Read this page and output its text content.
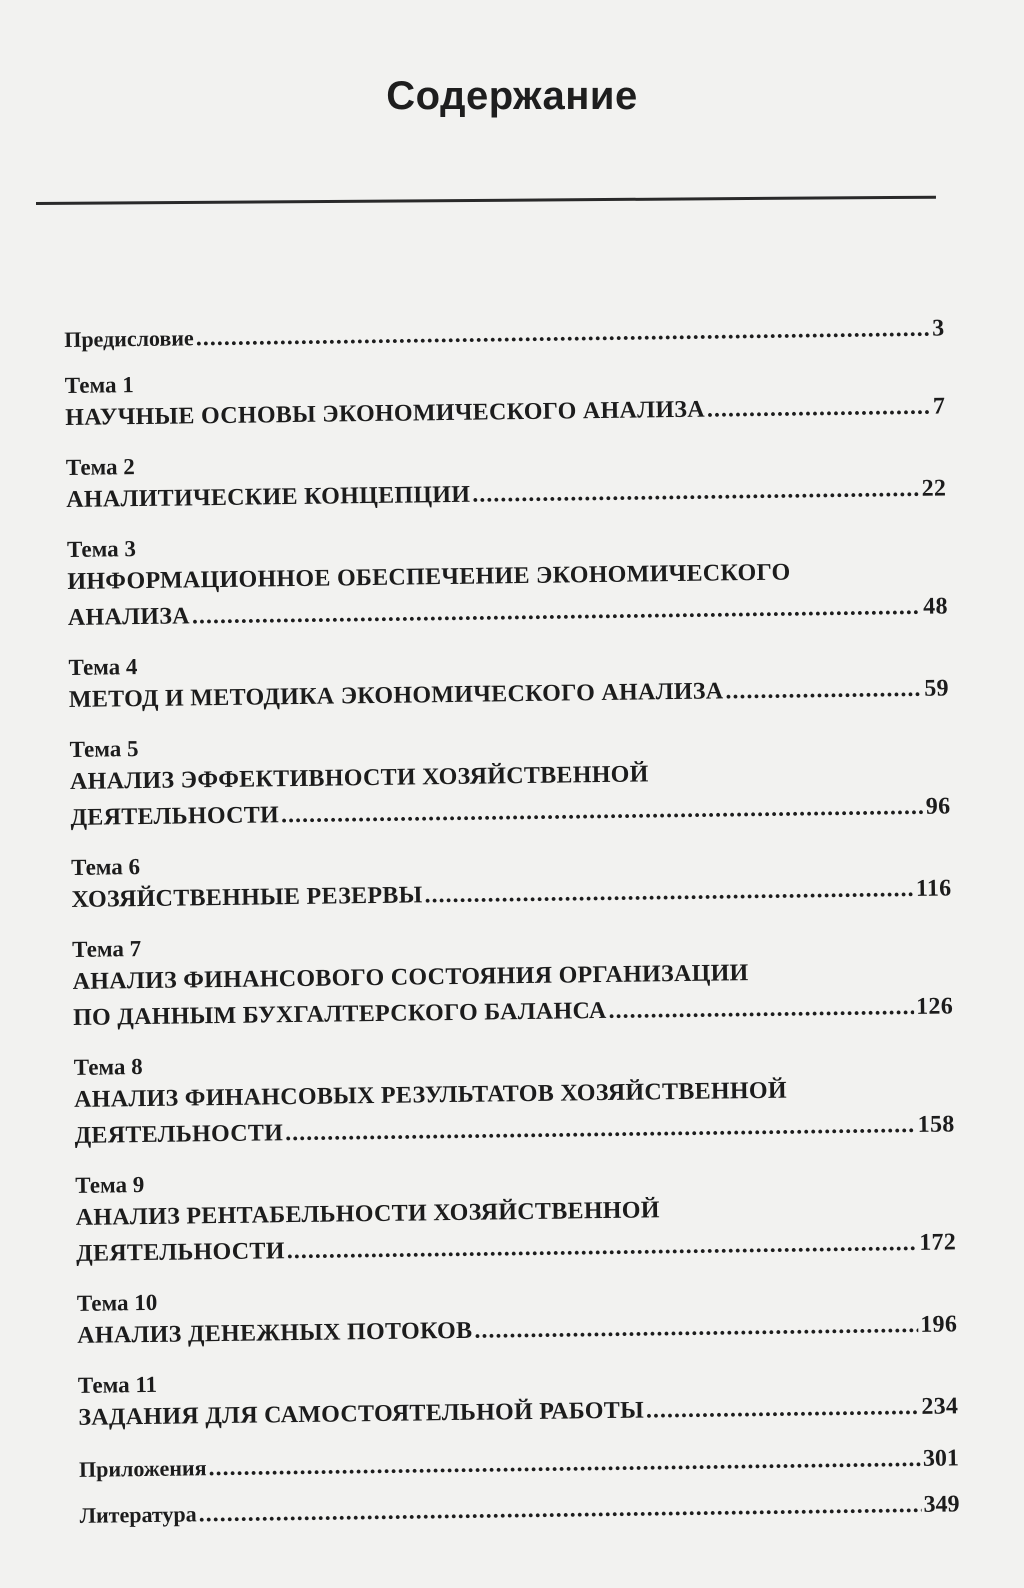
Содержание
Предисловие .....	3
Тема 1
НАУЧНЫЕ ОСНОВЫ ЭКОНОМИЧЕСКОГО АНАЛИЗА .....	7
Тема 2
АНАЛИТИЧЕСКИЕ КОНЦЕПЦИИ .....	22
Тема 3
ИНФОРМАЦИОННОЕ ОБЕСПЕЧЕНИЕ ЭКОНОМИЧЕСКОГО
АНАЛИЗА .....	48
Тема 4
МЕТОД И МЕТОДИКА ЭКОНОМИЧЕСКОГО АНАЛИЗА .....	59
Тема 5
АНАЛИЗ ЭФФЕКТИВНОСТИ ХОЗЯЙСТВЕННОЙ
ДЕЯТЕЛЬНОСТИ .....	96
Тема 6
ХОЗЯЙСТВЕННЫЕ РЕЗЕРВЫ .....	116
Тема 7
АНАЛИЗ ФИНАНСОВОГО СОСТОЯНИЯ ОРГАНИЗАЦИИ
ПО ДАННЫМ БУХГАЛТЕРСКОГО БАЛАНСА .....	126
Тема 8
АНАЛИЗ ФИНАНСОВЫХ РЕЗУЛЬТАТОВ ХОЗЯЙСТВЕННОЙ
ДЕЯТЕЛЬНОСТИ .....	158
Тема 9
АНАЛИЗ РЕНТАБЕЛЬНОСТИ ХОЗЯЙСТВЕННОЙ
ДЕЯТЕЛЬНОСТИ .....	172
Тема 10
АНАЛИЗ ДЕНЕЖНЫХ ПОТОКОВ .....	196
Тема 11
ЗАДАНИЯ ДЛЯ САМОСТОЯТЕЛЬНОЙ РАБОТЫ .....	234
Приложения .....	301
Литература .....	349
